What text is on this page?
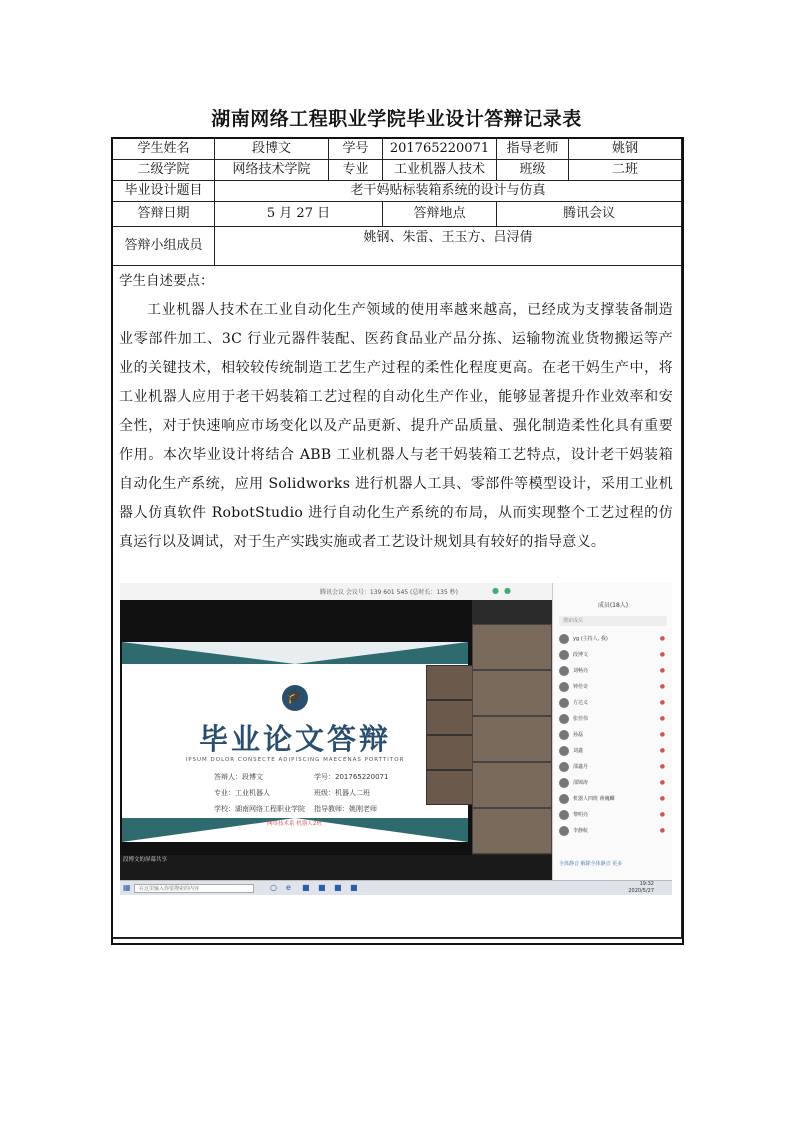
湖南网络工程职业学院毕业设计答辩记录表
学生姓名	段博文	学号	201765220071	指导老师	姚钢
二级学院	网络技术学院	专业	工业机器人技术	班级	二班
毕业设计题目	老干妈贴标装箱系统的设计与仿真				
答辩日期	5 月 27 日		答辩地点	腾讯会议	
答辩小组成员	姚钢、朱雷、王玉方、吕浔倩				

学生自述要点：
工业机器人技术在工业自动化生产领域的使用率越来越高，已经成为支撑装备制造业零部件加工、3C 行业元器件装配、医药食品业产品分拣、运输物流业货物搬运等产业的关键技术，相较较传统制造工艺生产过程的柔性化程度更高。在老干妈生产中，将工业机器人应用于老干妈装箱工艺过程的自动化生产作业，能够显著提升作业效率和安全性，对于快速响应市场变化以及产品更新、提升产品质量、强化制造柔性化具有重要作用。本次毕业设计将结合 ABB 工业机器人与老干妈装箱工艺特点，设计老干妈装箱自动化生产系统，应用 Solidworks 进行机器人工具、零部件等模型设计，采用工业机器人仿真软件 RobotStudio 进行自动化生产系统的布局，从而实现整个工艺过程的仿真运行以及调试，对于生产实践实施或者工艺设计规划具有较好的指导意义。					
腾讯会议 会议号：139 601 545 (总时长：135 秒)	● ●
🎓
毕业论文答辩
IPSUM DOLOR CONSECTE ADIPISCING MAECENAS PORTTITOR
答辩人：段博文	学号：201765220071
专业：工业机器人	班级：机器人二班
学校：湖南网络工程职业学院 指导教师：姚刚老师
网络技术系 机器人2班
段博文的屏幕共享
成员(18人)
搜索成员
yg (主持人, 我)	●
段博文	●
刘畅亮	●
钟佳奇	●
方达义	●
张佳伟	●
孙磊	●
刘鑫	●
邵鑫丹	●
邵锦涛	●
机器人四班 蒋巍麟	●
黎明亮	●
李静航	●
全体静音 解除全体静音 更多
▦	在这里输入你要搜索的内容	○ e ■ ■ ■ ■	19:32
2020/5/27
